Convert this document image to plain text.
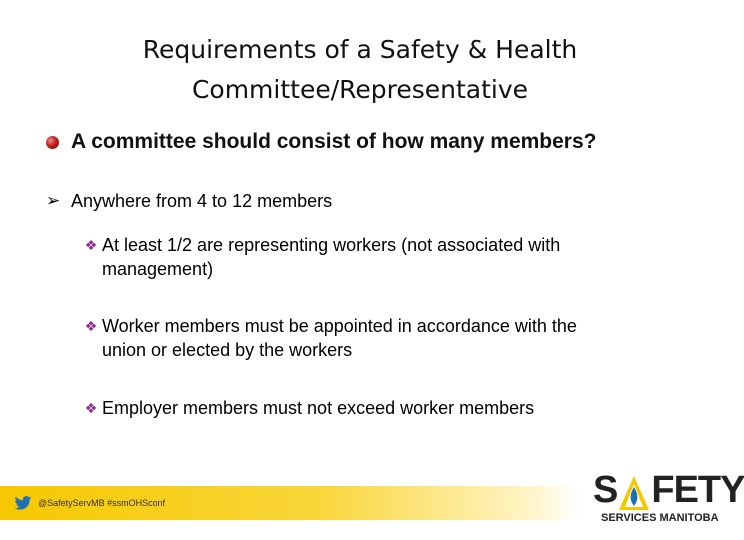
Requirements of a Safety & Health
Committee/Representative
A committee should consist of how many members?
➢ Anywhere from 4 to 12 members
❖ At least 1/2 are representing workers (not associated with
management)
❖ Worker members must be appointed in accordance with the
union or elected by the workers
❖ Employer members must not exceed worker members
@SafetyServMB #ssmOHSconf	S FETY
SERVICES MANITOBA
